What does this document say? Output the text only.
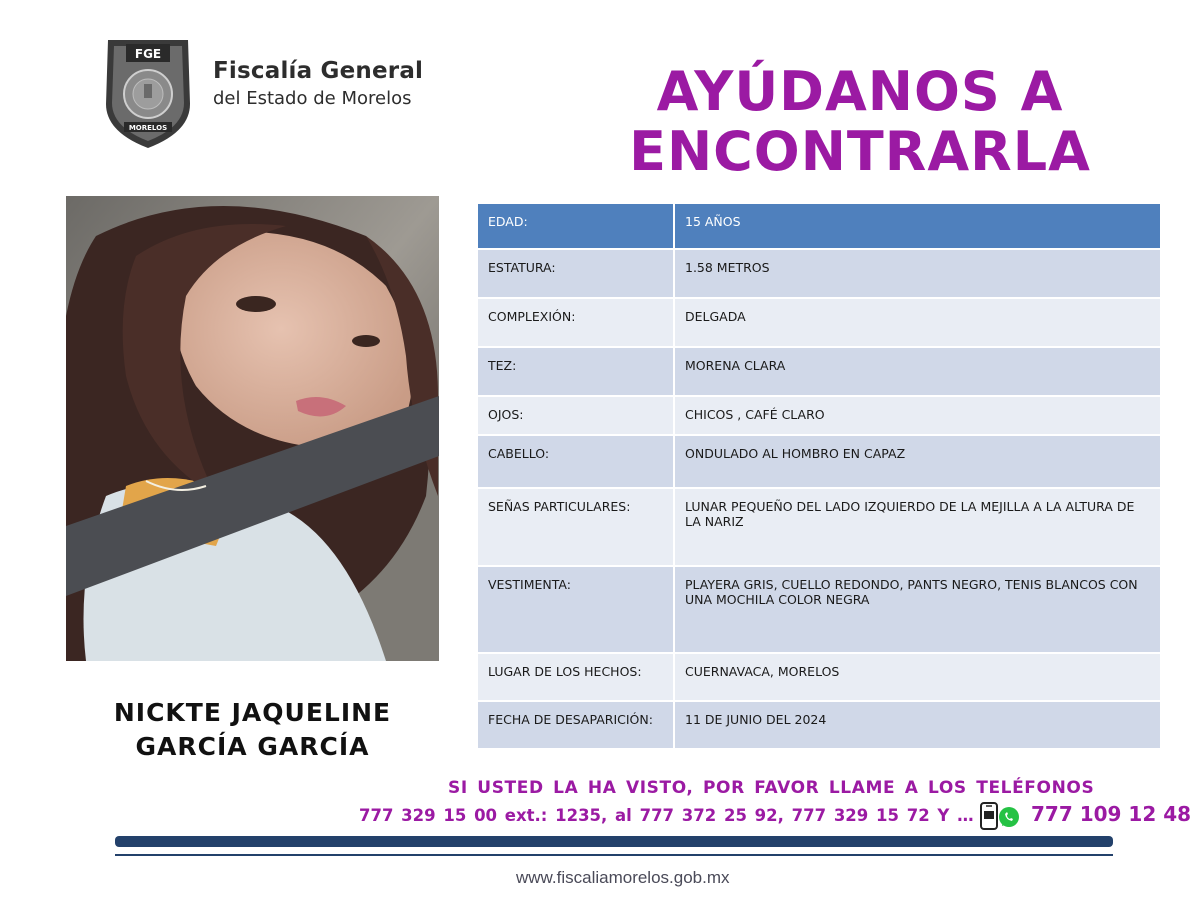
FGE
MORELOS
Fiscalía General
del Estado de Morelos	AYÚDANOS A
ENCONTRARLA
NICKTE JAQUELINE
GARCÍA GARCÍA
EDAD:	15 AÑOS
ESTATURA:	1.58 METROS
COMPLEXIÓN:	DELGADA
TEZ:	MORENA CLARA
OJOS:	CHICOS , CAFÉ CLARO
CABELLO:	ONDULADO AL HOMBRO EN CAPAZ
SEÑAS PARTICULARES:	LUNAR PEQUEÑO DEL LADO IZQUIERDO DE LA MEJILLA A LA ALTURA DE LA NARIZ
VESTIMENTA:	PLAYERA GRIS, CUELLO REDONDO, PANTS NEGRO, TENIS BLANCOS CON UNA MOCHILA COLOR NEGRA
LUGAR DE LOS HECHOS:	CUERNAVACA, MORELOS
FECHA DE DESAPARICIÓN:	11 DE JUNIO DEL 2024
SI USTED LA HA VISTO, POR FAVOR LLAME A LOS TELÉFONOS
777 329 15 00 ext.: 1235, al 777 372 25 92, 777 329 15 72 Y …	777 109 12 48
www.fiscaliamorelos.gob.mx
